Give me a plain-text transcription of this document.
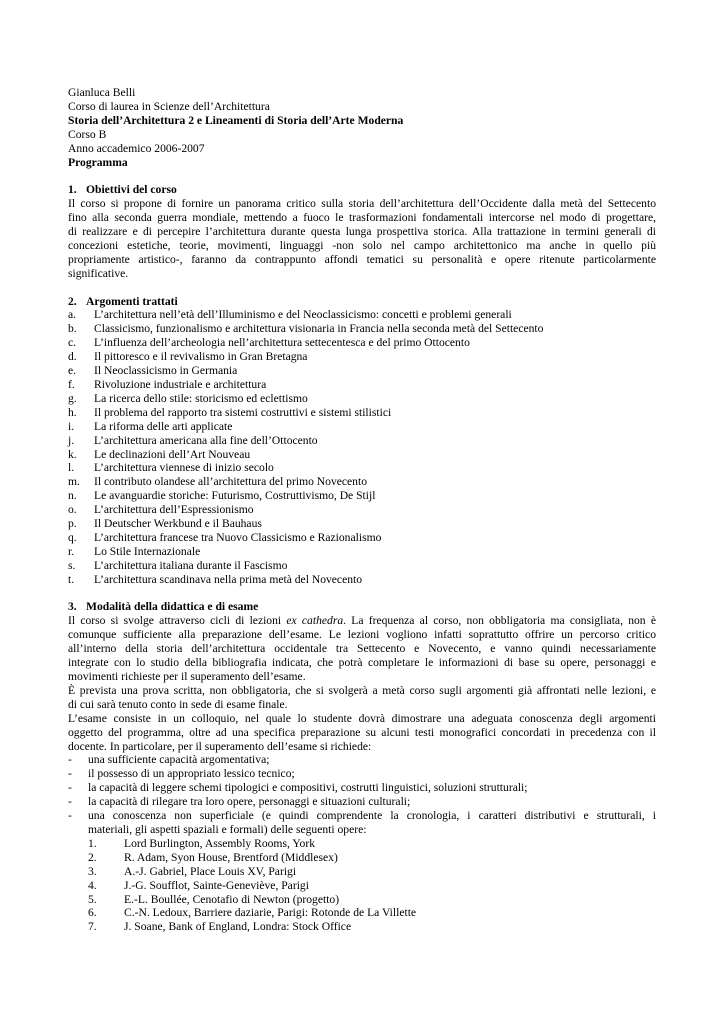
Gianluca Belli
Corso di laurea in Scienze dell’Architettura
Storia dell’Architettura 2 e Lineamenti di Storia dell’Arte Moderna
Corso B
Anno accademico 2006-2007
Programma
1. Obiettivi del corso
Il corso si propone di fornire un panorama critico sulla storia dell’architettura dell’Occidente dalla metà del Settecento
fino alla seconda guerra mondiale, mettendo a fuoco le trasformazioni fondamentali intercorse nel modo di progettare,
di realizzare e di percepire l’architettura durante questa lunga prospettiva storica. Alla trattazione in termini generali di
concezioni estetiche, teorie, movimenti, linguaggi -non solo nel campo architettonico ma anche in quello più
propriamente artistico-, faranno da contrappunto affondi tematici su personalità e opere ritenute particolarmente
significative.
2. Argomenti trattati
a.	L’architettura nell’età dell’Illuminismo e del Neoclassicismo: concetti e problemi generali
b.	Classicismo, funzionalismo e architettura visionaria in Francia nella seconda metà del Settecento
c.	L’influenza dell’archeologia nell’architettura settecentesca e del primo Ottocento
d.	Il pittoresco e il revivalismo in Gran Bretagna
e.	Il Neoclassicismo in Germania
f.	Rivoluzione industriale e architettura
g.	La ricerca dello stile: storicismo ed eclettismo
h.	Il problema del rapporto tra sistemi costruttivi e sistemi stilistici
i.	La riforma delle arti applicate
j.	L’architettura americana alla fine dell’Ottocento
k.	Le declinazioni dell’Art Nouveau
l.	L’architettura viennese di inizio secolo
m.	Il contributo olandese all’architettura del primo Novecento
n.	Le avanguardie storiche: Futurismo, Costruttivismo, De Stijl
o.	L’architettura dell’Espressionismo
p.	Il Deutscher Werkbund e il Bauhaus
q.	L’architettura francese tra Nuovo Classicismo e Razionalismo
r.	Lo Stile Internazionale
s.	L’architettura italiana durante il Fascismo
t.	L’architettura scandinava nella prima metà del Novecento
3. Modalità della didattica e di esame
Il corso si svolge attraverso cicli di lezioni ex cathedra. La frequenza al corso, non obbligatoria ma consigliata, non è
comunque sufficiente alla preparazione dell’esame. Le lezioni vogliono infatti soprattutto offrire un percorso critico
all’interno della storia dell’architettura occidentale tra Settecento e Novecento, e vanno quindi necessariamente
integrate con lo studio della bibliografia indicata, che potrà completare le informazioni di base su opere, personaggi e
movimenti richieste per il superamento dell’esame.
È prevista una prova scritta, non obbligatoria, che si svolgerà a metà corso sugli argomenti già affrontati nelle lezioni, e
di cui sarà tenuto conto in sede di esame finale.
L’esame consiste in un colloquio, nel quale lo studente dovrà dimostrare una adeguata conoscenza degli argomenti
oggetto del programma, oltre ad una specifica preparazione su alcuni testi monografici concordati in precedenza con il
docente. In particolare, per il superamento dell’esame si richiede:
-	una sufficiente capacità argomentativa;
-	il possesso di un appropriato lessico tecnico;
-	la capacità di leggere schemi tipologici e compositivi, costrutti linguistici, soluzioni strutturali;
-	la capacità di rilegare tra loro opere, personaggi e situazioni culturali;
-	una conoscenza non superficiale (e quindi comprendente la cronologia, i caratteri distributivi e strutturali, i
materiali, gli aspetti spaziali e formali) delle seguenti opere:
1.	Lord Burlington, Assembly Rooms, York
2.	R. Adam, Syon House, Brentford (Middlesex)
3.	A.-J. Gabriel, Place Louis XV, Parigi
4.	J.-G. Soufflot, Sainte-Geneviève, Parigi
5.	E.-L. Boullée, Cenotafio di Newton (progetto)
6.	C.-N. Ledoux, Barriere daziarie, Parigi: Rotonde de La Villette
7.	J. Soane, Bank of England, Londra: Stock Office
